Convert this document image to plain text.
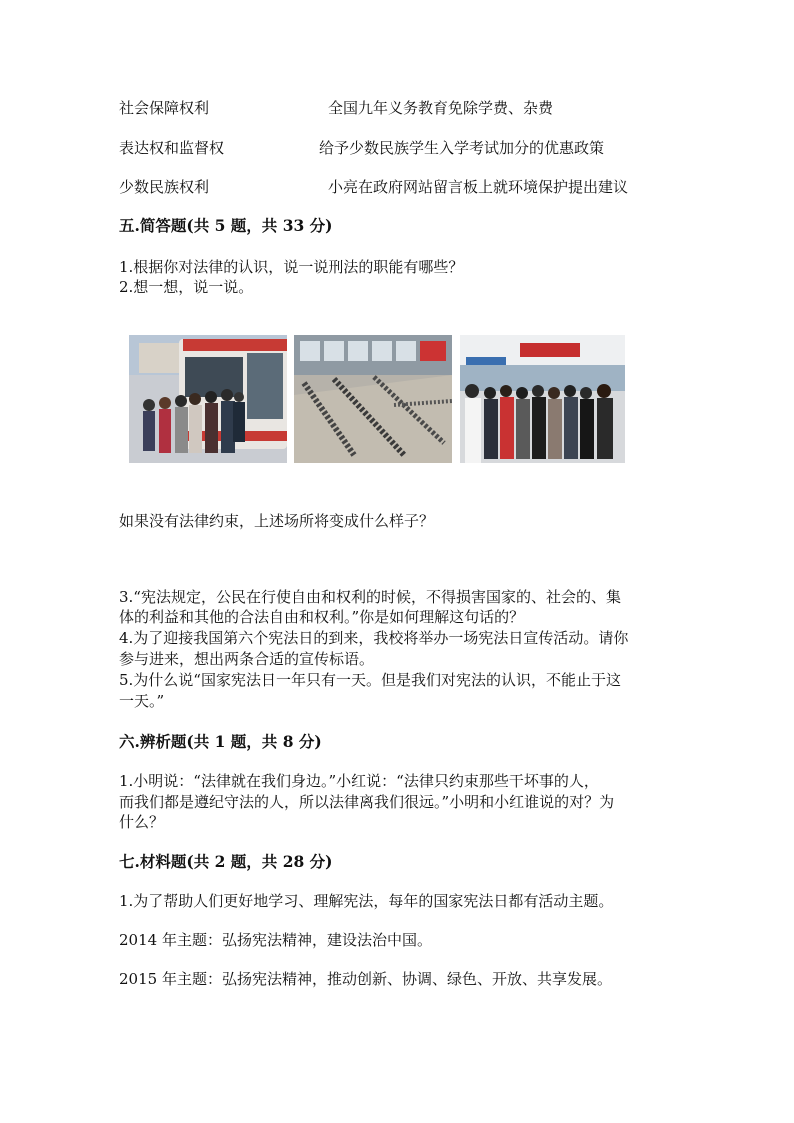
社会保障权利	全国九年义务教育免除学费、杂费
表达权和监督权	给予少数民族学生入学考试加分的优惠政策
少数民族权利	小亮在政府网站留言板上就环境保护提出建议
五.简答题(共 5 题，共 33 分)
1.根据你对法律的认识，说一说刑法的职能有哪些？
2.想一想，说一说。
如果没有法律约束，上述场所将变成什么样子？
3.“宪法规定，公民在行使自由和权利的时候，不得损害国家的、社会的、集
体的利益和其他的合法自由和权利。”你是如何理解这句话的？
4.为了迎接我国第六个宪法日的到来，我校将举办一场宪法日宣传活动。请你
参与进来，想出两条合适的宣传标语。
5.为什么说“国家宪法日一年只有一天。但是我们对宪法的认识，不能止于这
一天。”
六.辨析题(共 1 题，共 8 分)
1.小明说：“法律就在我们身边。”小红说：“法律只约束那些干坏事的人，
而我们都是遵纪守法的人，所以法律离我们很远。”小明和小红谁说的对？为
什么？
七.材料题(共 2 题，共 28 分)
1.为了帮助人们更好地学习、理解宪法，每年的国家宪法日都有活动主题。
2014 年主题：弘扬宪法精神，建设法治中国。
2015 年主题：弘扬宪法精神，推动创新、协调、绿色、开放、共享发展。
